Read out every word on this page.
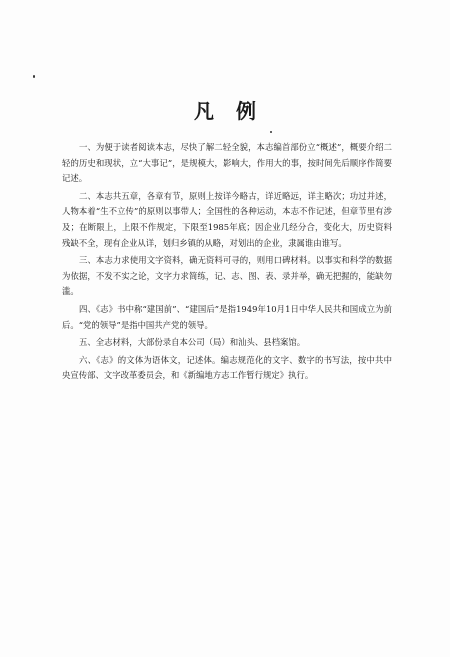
凡例

一、为便于读者阅读本志，尽快了解二轻全貌，本志编首部份立“概述”，概要介绍二轻的历史和现状，立“大事记”，是规模大，影响大，作用大的事，按时间先后顺序作简要记述。

二、本志共五章，各章有节，原则上按详今略古，详近略远，详主略次；功过并述，人物本着“生不立传”的原则以事带人；全国性的各种运动，本志不作记述，但章节里有涉及；在断限上，上限不作规定，下限至1985年底；因企业几经分合，变化大，历史资料残缺不全，现有企业从详，划归乡镇的从略，对划出的企业，隶属谁由谁写。

三、本志力求使用文字资料，确无资料可寻的，则用口碑材料。以事实和科学的数据为依据，不发不实之论，文字力求简练，记、志、图、表、录并举，确无把握的，能缺勿滥。

四、《志》书中称“建国前”、“建国后”是指1949年10月1日中华人民共和国成立为前后。“党的领导”是指中国共产党的领导。

五、全志材料，大部份录自本公司（局）和汕头、县档案馆。

六、《志》的文体为语体文，记述体。编志规范化的文字、数字的书写法，按中共中央宣传部、文字改革委员会，和《新编地方志工作暂行规定》执行。
